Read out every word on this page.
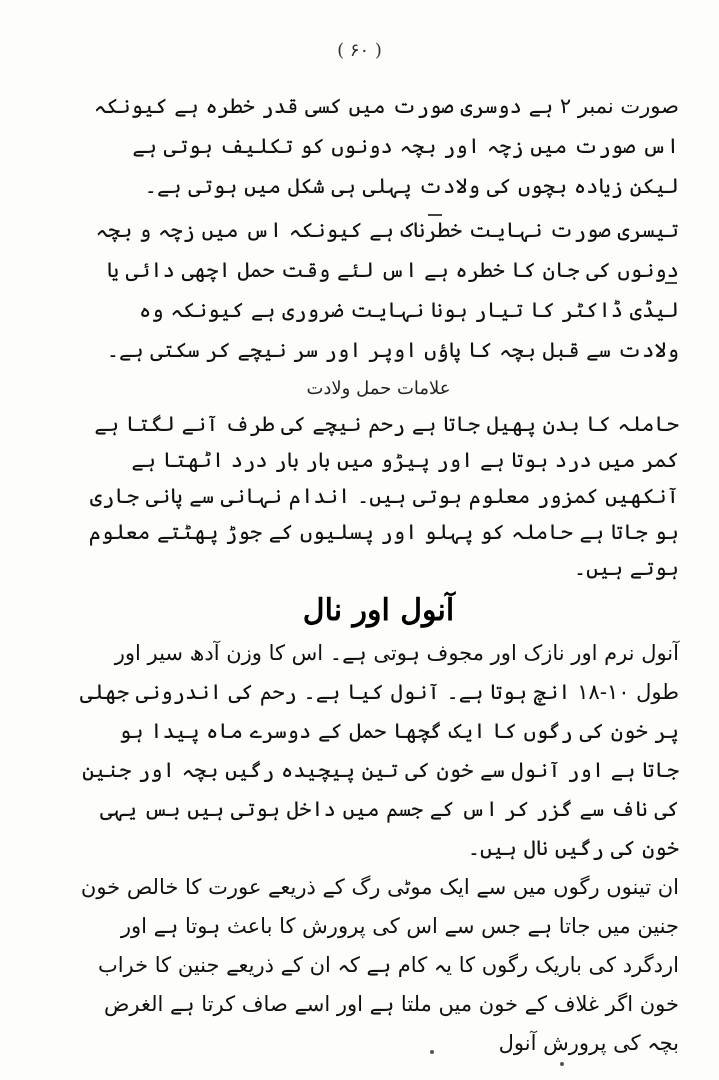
( ۶۰ )

صورت نمبر ۲ ہے دوسری صورت میں کسی قدر خطرہ ہے کیونکہ اس صورت میں زچہ اور بچہ دونوں کو تکلیف ہوتی ہے لیکن زیادہ بچوں کی ولادت پہلی ہی شکل میں ہوتی ہے۔

تیسری صورت نہایت خطرناک ہے کیونکہ اس میں زچہ و بچہ دونوں کی جان کا خطرہ ہے اس لئے وقت حمل اچھی دائی یا لیڈی ڈاکٹر کا تیار ہونا نہایت ضروری ہے کیونکہ وہ ولادت سے قبل بچہ کا پاؤں اوپر اور سر نیچے کر سکتی ہے۔

علامات حمل ولادت

حاملہ کا بدن پھیل جاتا ہے رحم نیچے کی طرف آنے لگتا ہے کمر میں درد ہوتا ہے اور پیڑو میں بار بار درد اٹھتا ہے آنکھیں کمزور معلوم ہوتی ہیں۔ اندام نہانی سے پانی جاری ہو جاتا ہے حاملہ کو پہلو اور پسلیوں کے جوڑ پھٹتے معلوم ہوتے ہیں۔

آنول اور نال

آنول نرم اور نازک اور مجوف ہوتی ہے۔ اس کا وزن آدھ سیر اور طول ۱۰-۱۸ انچ ہوتا ہے۔ آنول کیا ہے۔ رحم کی اندرونی جھلی پر خون کی رگوں کا ایک گچھا حمل کے دوسرے ماہ پیدا ہو جاتا ہے اور آنول سے خون کی تین پیچیدہ رگیں بچہ اور جنین کی ناف سے گزر کر اس کے جسم میں داخل ہوتی ہیں بس یہی خون کی رگیں نال ہیں۔

ان تینوں رگوں میں سے ایک موٹی رگ کے ذریعے عورت کا خالص خون جنین میں جاتا ہے جس سے اس کی پرورش کا باعث ہوتا ہے اور اردگرد کی باریک رگوں کا یہ کام ہے کہ ان کے ذریعے جنین کا خراب خون اگر غلاف کے خون میں ملتا ہے اور اسے صاف کرتا ہے الغرض بچہ کی پرورش آنول
